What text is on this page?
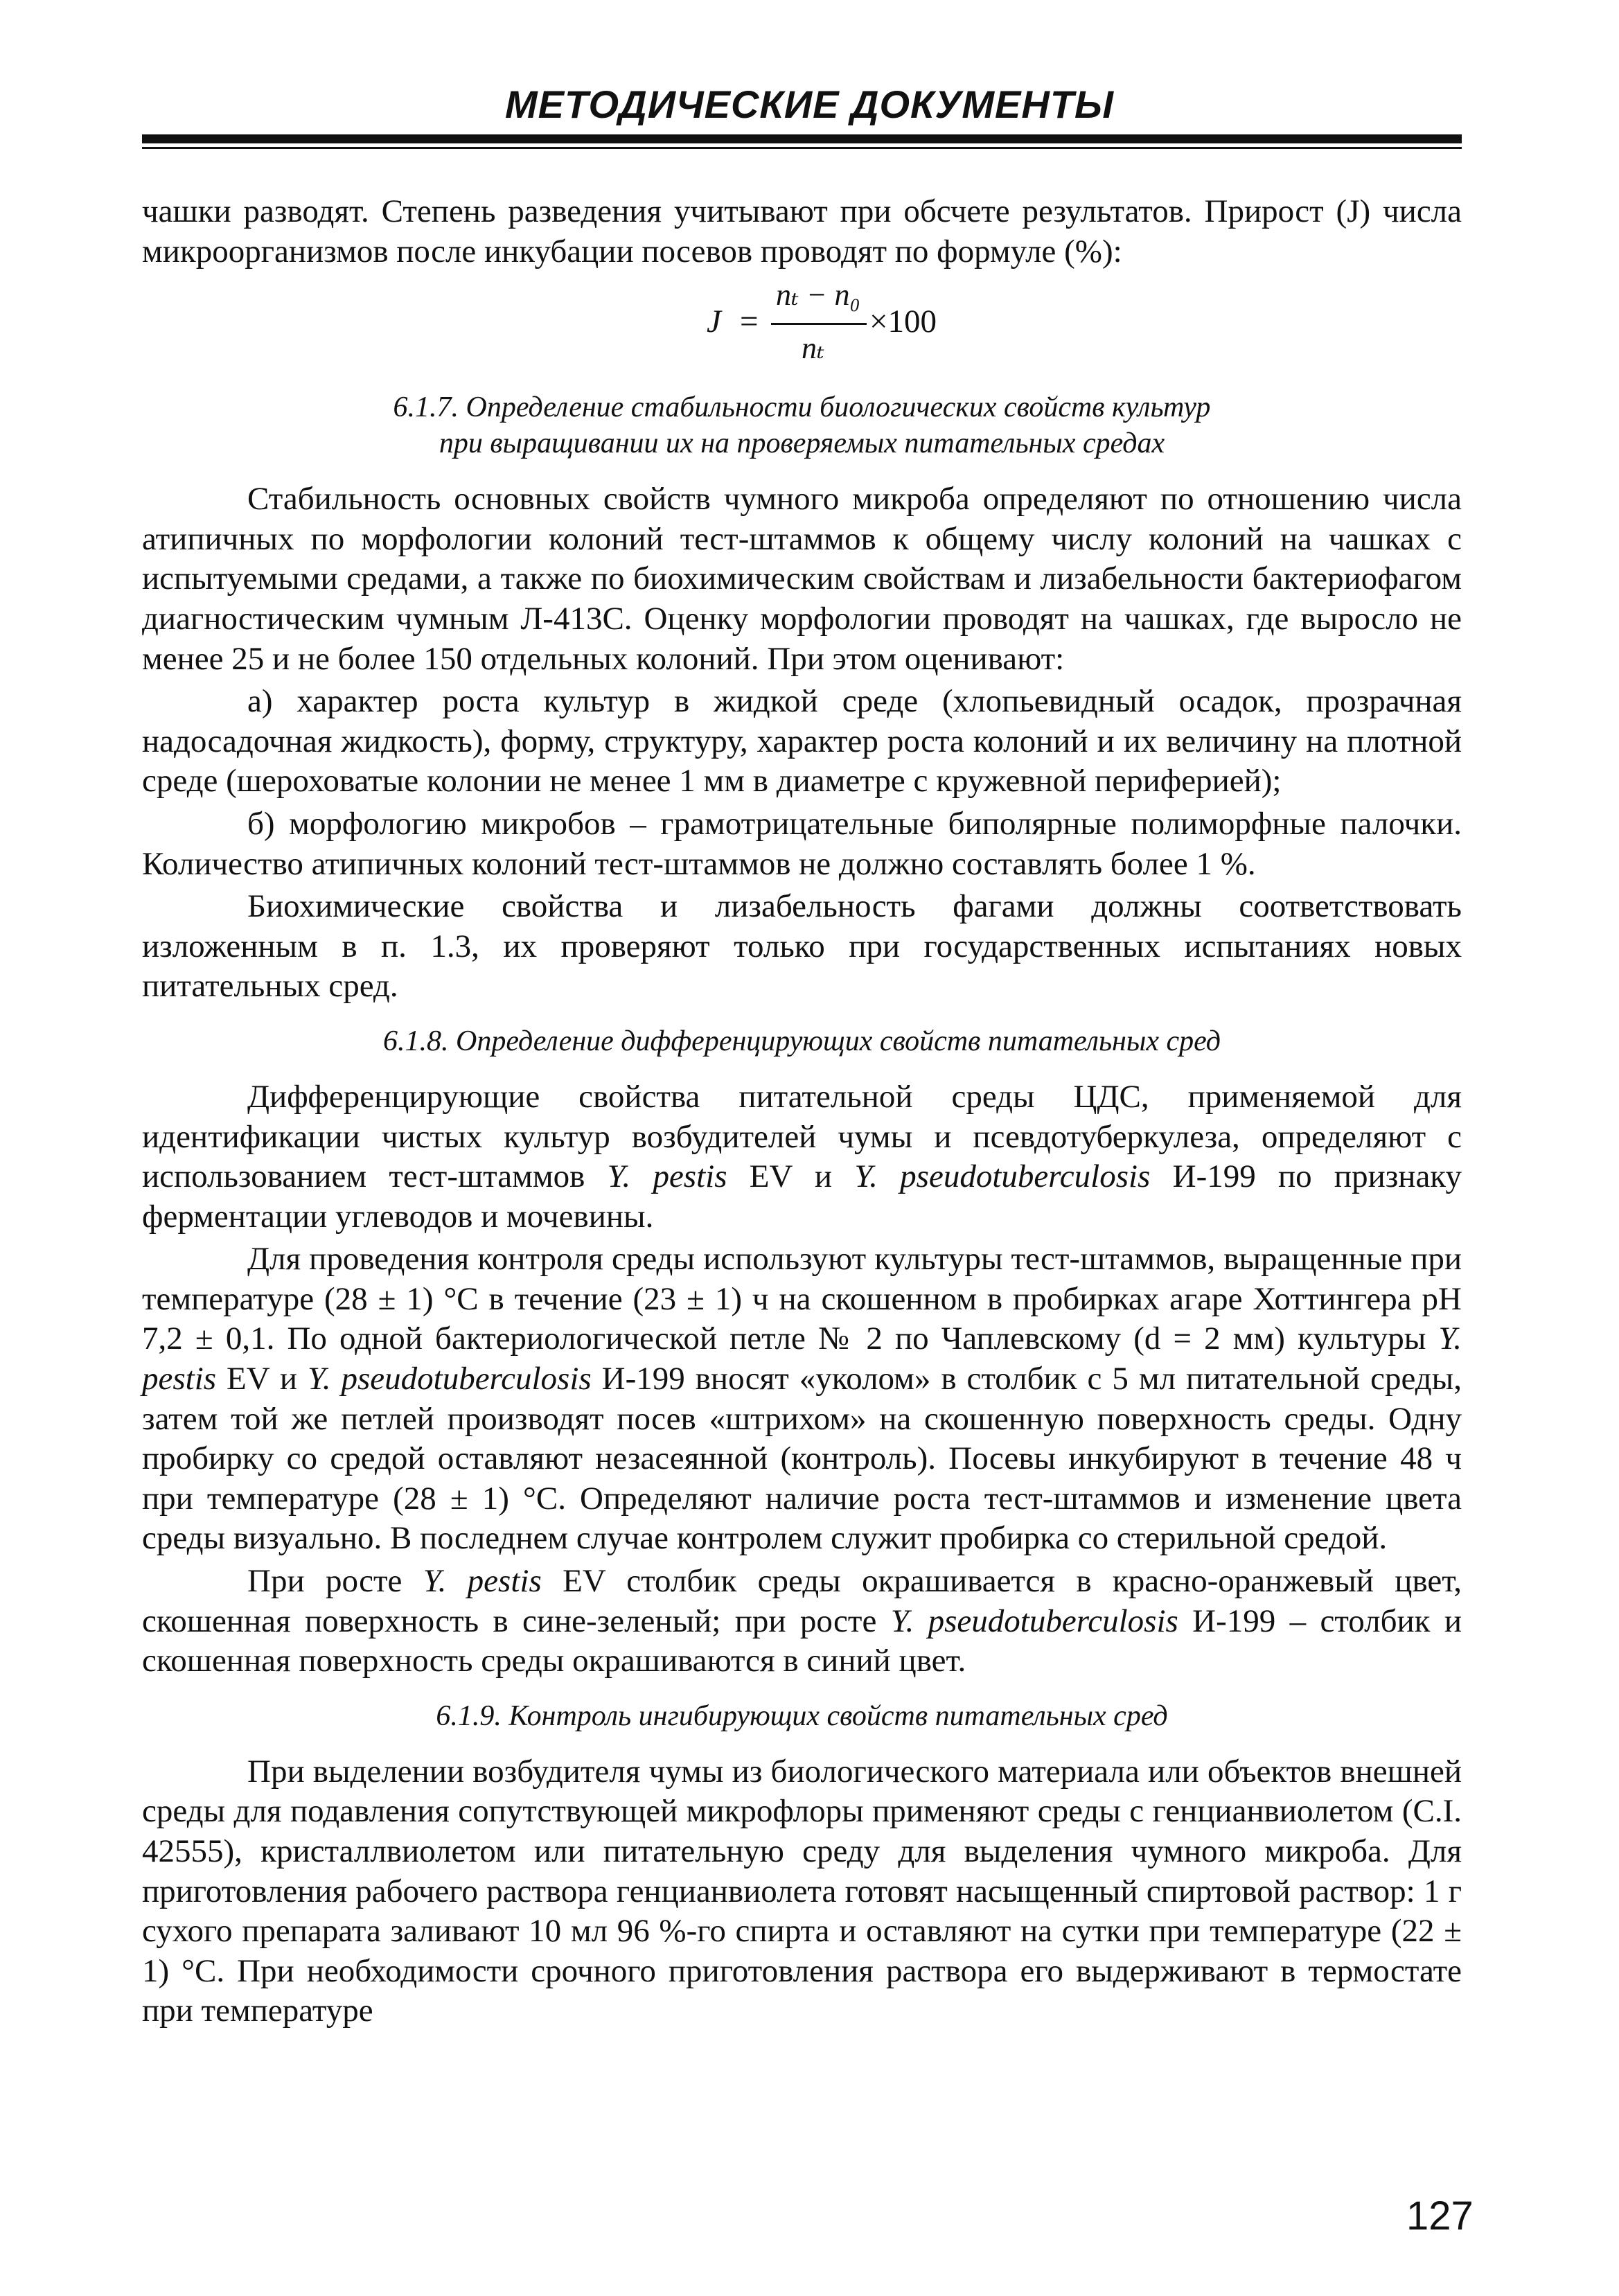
МЕТОДИЧЕСКИЕ ДОКУМЕНТЫ

чашки разводят. Степень разведения учитывают при обсчете результатов. Прирост (J) числа микроорганизмов после инкубации посевов проводят по формуле (%):

J =
nₜ − n₀
nₜ
×100

6.1.7. Определение стабильности биологических свойств культур

при выращивании их на проверяемых питательных средах

Стабильность основных свойств чумного микроба определяют по отношению числа атипичных по морфологии колоний тест-штаммов к общему числу колоний на чашках с испытуемыми средами, а также по биохимическим свойствам и лизабельности бактериофагом диагностическим чумным Л-413С. Оценку морфологии проводят на чашках, где выросло не менее 25 и не более 150 отдельных колоний. При этом оценивают:

а) характер роста культур в жидкой среде (хлопьевидный осадок, прозрачная надосадочная жидкость), форму, структуру, характер роста колоний и их величину на плотной среде (шероховатые колонии не менее 1 мм в диаметре с кружевной периферией);

б) морфологию микробов – грамотрицательные биполярные полиморфные палочки. Количество атипичных колоний тест-штаммов не должно составлять более 1 %.

Биохимические свойства и лизабельность фагами должны соответствовать изложенным в п. 1.3, их проверяют только при государственных испытаниях новых питательных сред.

6.1.8. Определение дифференцирующих свойств питательных сред

Дифференцирующие свойства питательной среды ЦДС, применяемой для идентификации чистых культур возбудителей чумы и псевдотуберкулеза, определяют с использованием тест-штаммов Y. pestis EV и Y. pseudotuberculosis И-199 по признаку ферментации углеводов и мочевины.

Для проведения контроля среды используют культуры тест-штаммов, выращенные при температуре (28 ± 1) °С в течение (23 ± 1) ч на скошенном в пробирках агаре Хоттингера рН 7,2 ± 0,1. По одной бактериологической петле № 2 по Чаплевскому (d = 2 мм) культуры Y. pestis EV и Y. pseudotuberculosis И-199 вносят «уколом» в столбик с 5 мл питательной среды, затем той же петлей производят посев «штрихом» на скошенную поверхность среды. Одну пробирку со средой оставляют незасеянной (контроль). Посевы инкубируют в течение 48 ч при температуре (28 ± 1) °С. Определяют наличие роста тест-штаммов и изменение цвета среды визуально. В последнем случае контролем служит пробирка со стерильной средой.

При росте Y. pestis EV столбик среды окрашивается в красно-оранжевый цвет, скошенная поверхность в сине-зеленый; при росте Y. pseudotuberculosis И-199 – столбик и скошенная поверхность среды окрашиваются в синий цвет.

6.1.9. Контроль ингибирующих свойств питательных сред

При выделении возбудителя чумы из биологического материала или объектов внешней среды для подавления сопутствующей микрофлоры применяют среды с генцианвиолетом (С.І. 42555), кристаллвиолетом или питательную среду для выделения чумного микроба. Для приготовления рабочего раствора генцианвиолета готовят насыщенный спиртовой раствор: 1 г сухого препарата заливают 10 мл 96 %-го спирта и оставляют на сутки при температуре (22 ± 1) °С. При необходимости срочного приготовления раствора его выдерживают в термостате при температуре

127
